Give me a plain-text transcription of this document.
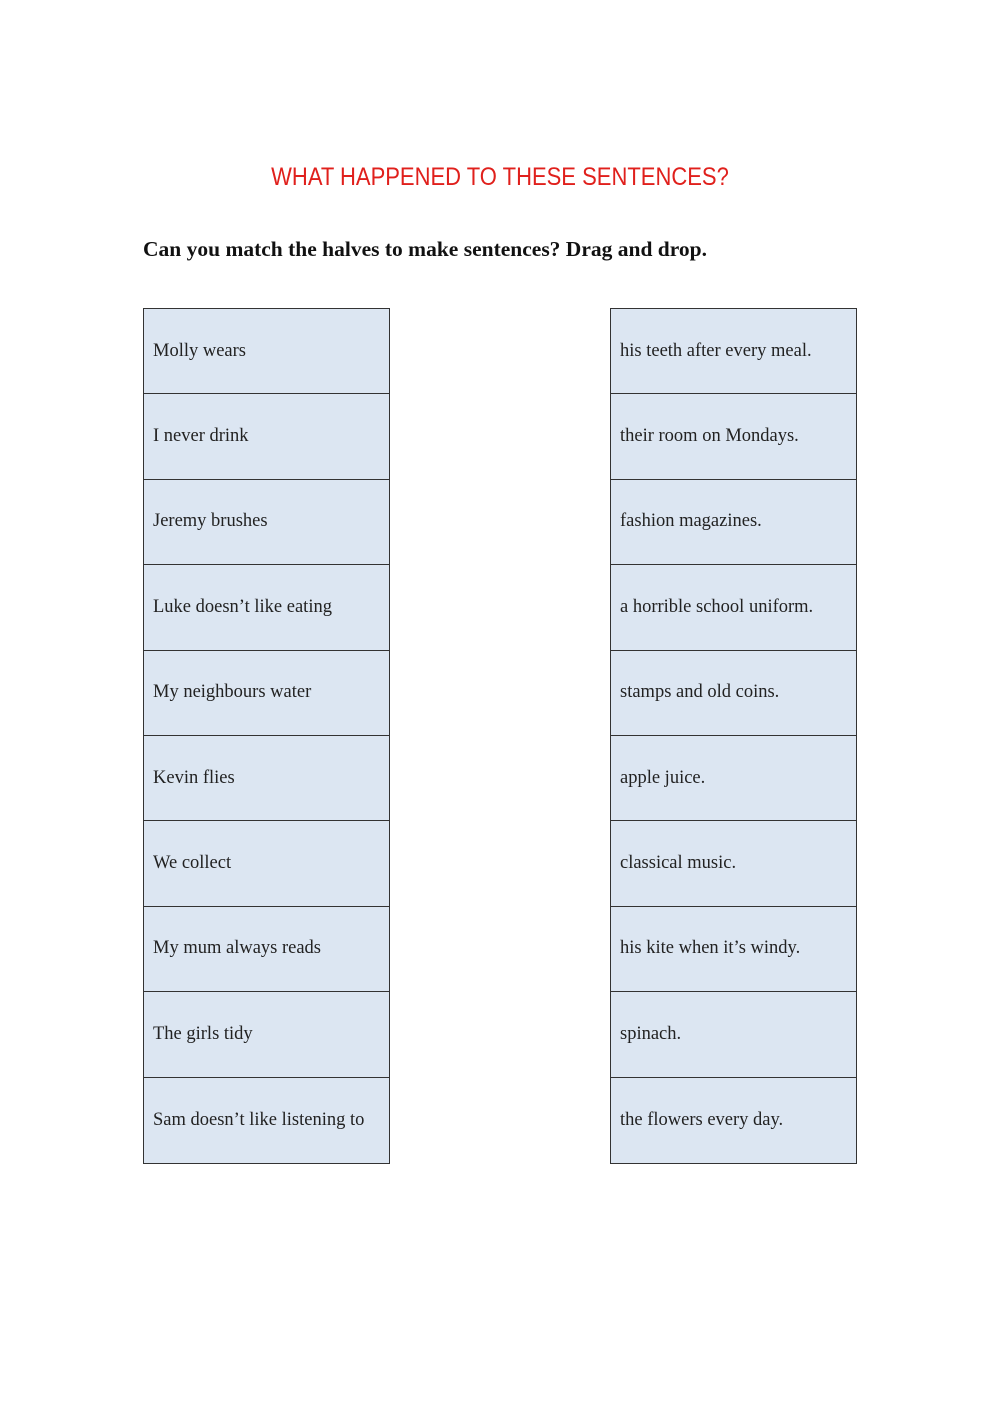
WHAT HAPPENED TO THESE SENTENCES?
Can you match the halves to make sentences? Drag and drop.
Molly wears
I never drink
Jeremy brushes
Luke doesn’t like eating
My neighbours water
Kevin flies
We collect
My mum always reads
The girls tidy
Sam doesn’t like listening to
his teeth after every meal.
their room on Mondays.
fashion magazines.
a horrible school uniform.
stamps and old coins.
apple juice.
classical music.
his kite when it’s windy.
spinach.
the flowers every day.
